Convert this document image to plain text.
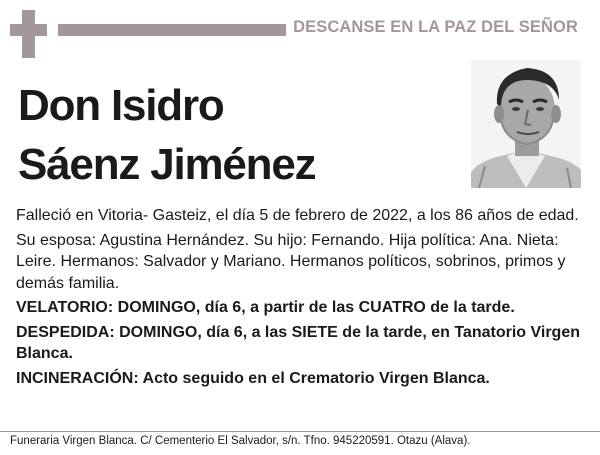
DESCANSE EN LA PAZ DEL SEÑOR
Don Isidro
Sáenz Jiménez

Falleció en Vitoria- Gasteiz, el día 5 de febrero de 2022, a los 86 años de edad.

Su esposa: Agustina Hernández. Su hijo: Fernando. Hija política: Ana. Nieta: Leire. Hermanos: Salvador y Mariano. Hermanos políticos, sobrinos, primos y demás familia.

VELATORIO: DOMINGO, día 6, a partir de las CUATRO de la tarde.

DESPEDIDA: DOMINGO, día 6, a las SIETE de la tarde, en Tanatorio Virgen Blanca.

INCINERACIÓN: Acto seguido en el Crematorio Virgen Blanca.

Funeraria Virgen Blanca. C/ Cementerio El Salvador, s/n. Tfno. 945220591. Otazu (Alava).
